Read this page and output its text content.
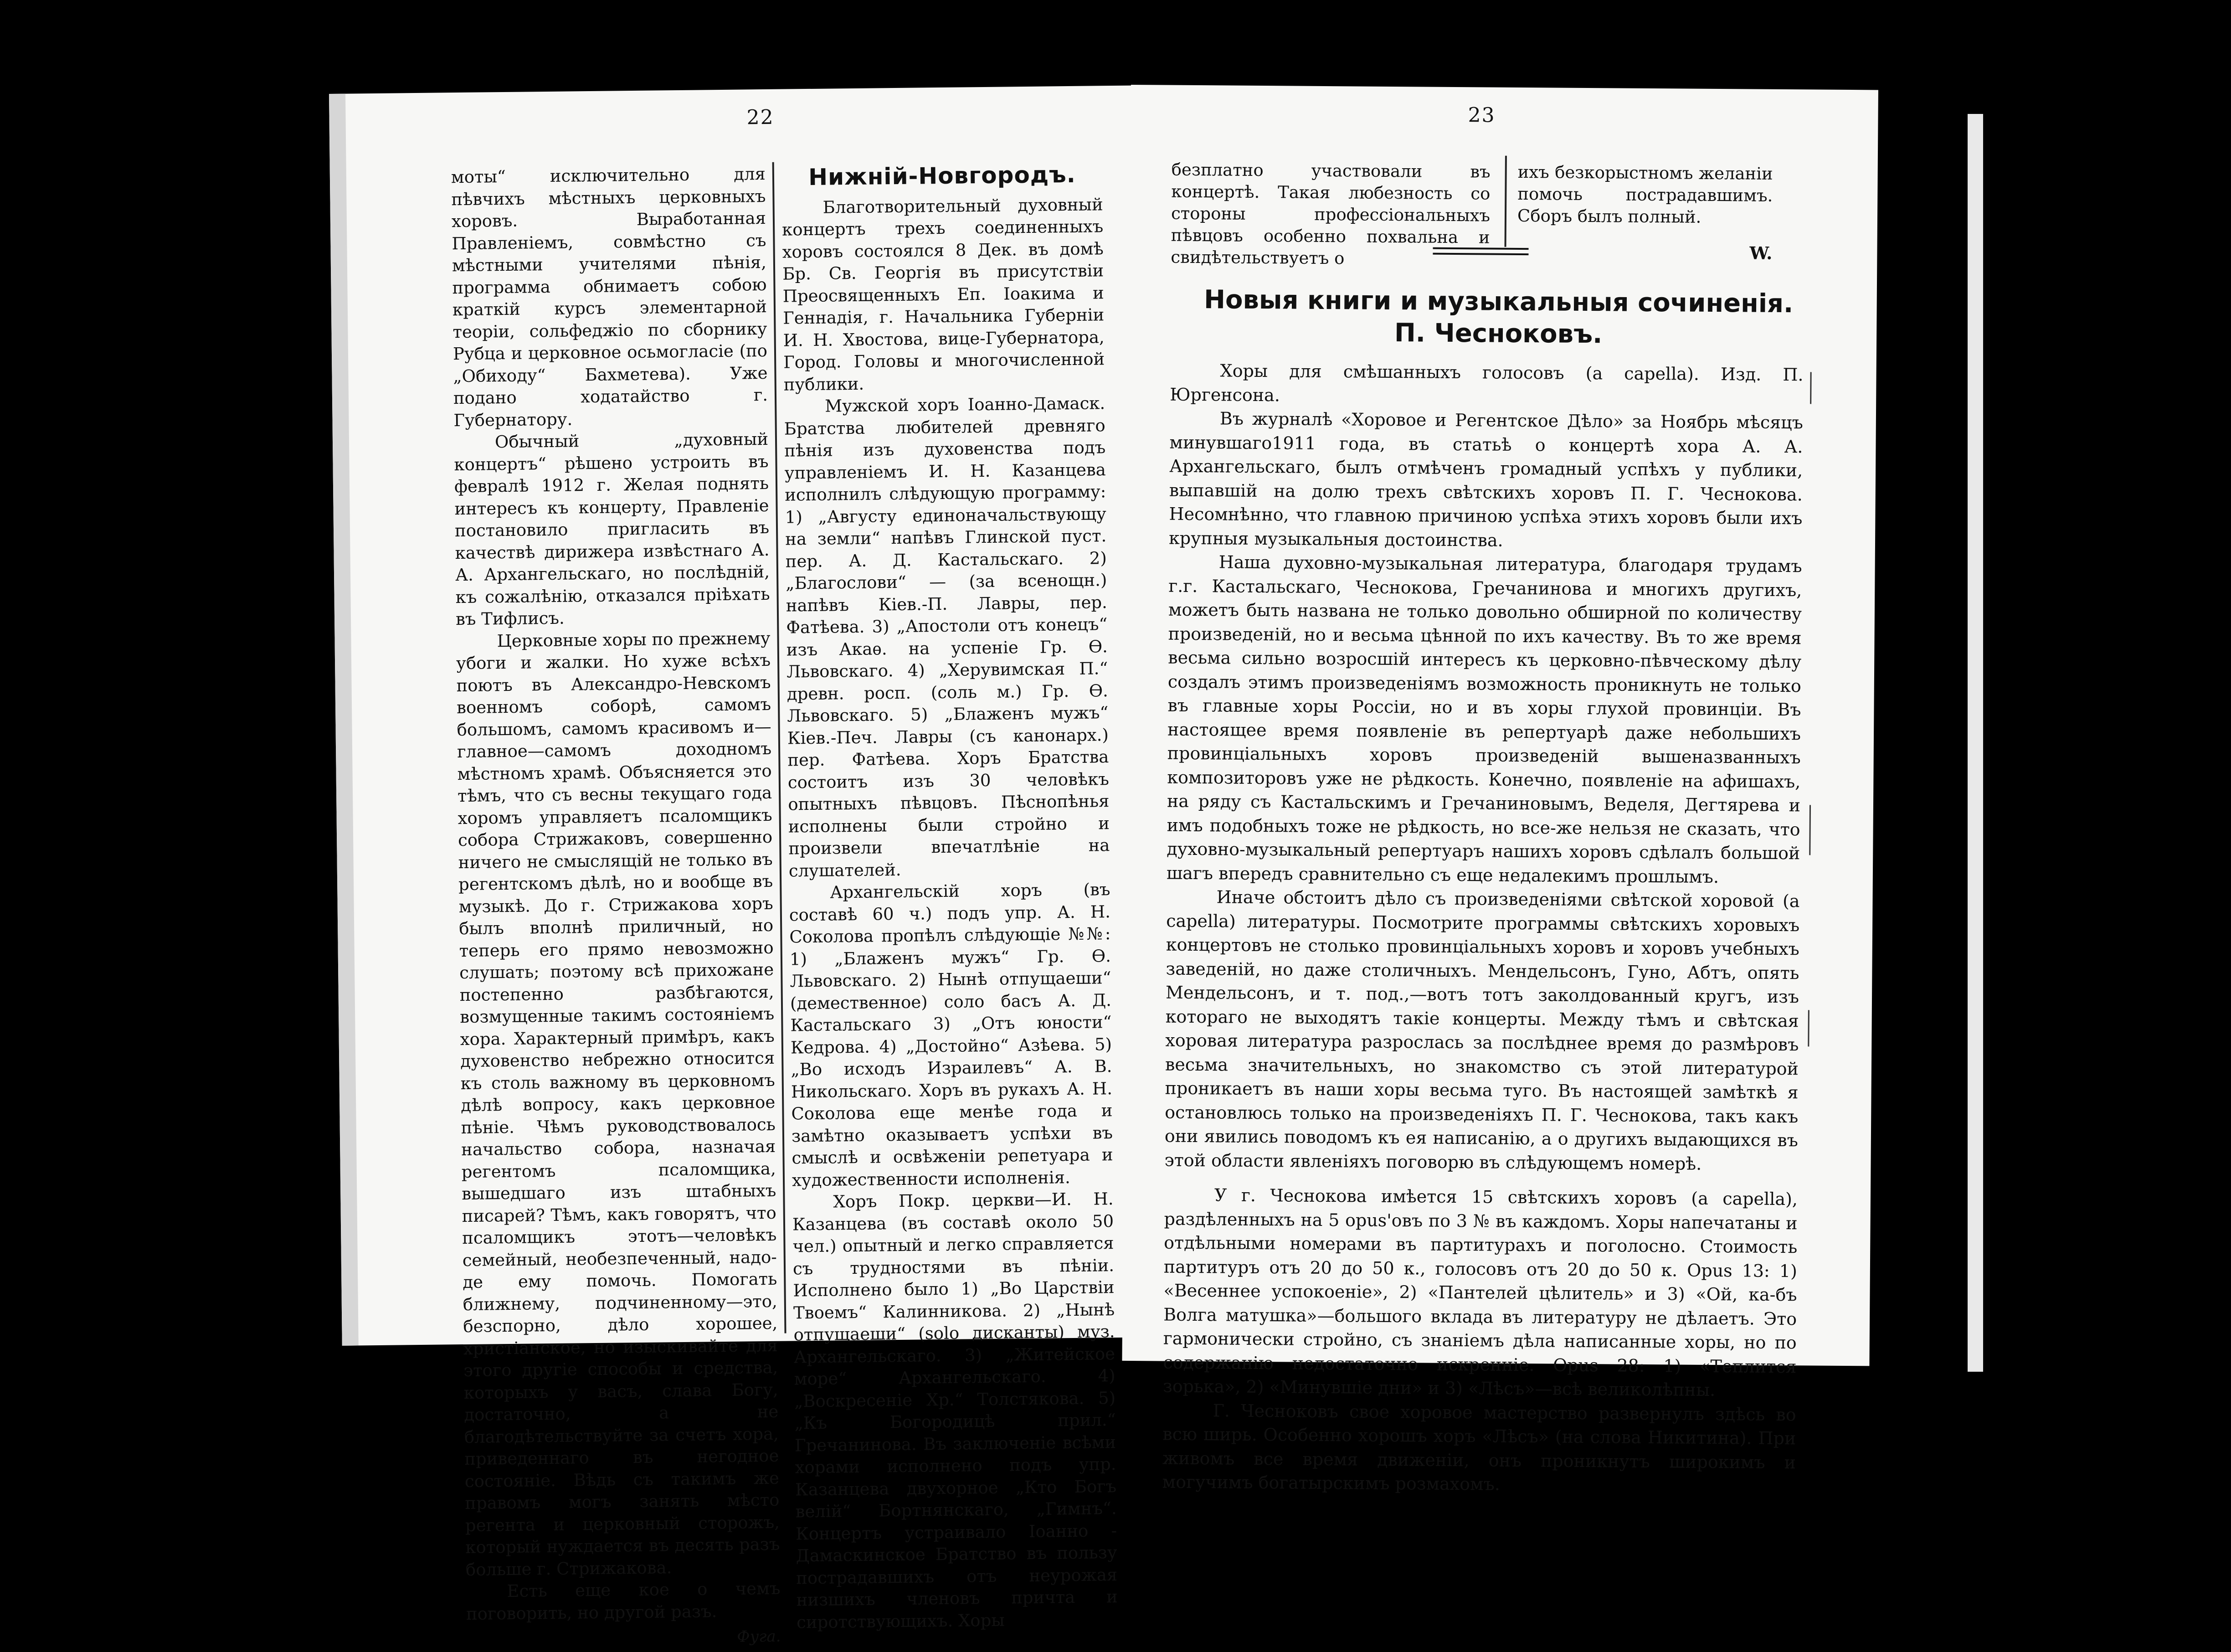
22

моты“ исключительно для пѣвчихъ мѣстныхъ церковныхъ хоровъ. Выработанная Правленіемъ, совмѣстно съ мѣстными учителями пѣнія, программа обнимаетъ собою краткій курсъ элементарной теоріи, сольфеджіо по сборнику Рубца и церковное осьмогласіе (по „Обиходу“ Бахметева). Уже подано ходатайство г. Губернатору.

Обычный „духовный концертъ“ рѣшено устроить въ февралѣ 1912 г. Желая поднять интересъ къ концерту, Правленіе постановило пригласить въ качествѣ дирижера извѣстнаго А. А. Архангельскаго, но послѣдній, къ сожалѣнію, отказался пріѣхать въ Тифлисъ.

Церковные хоры по прежнему убоги и жалки. Но хуже всѣхъ поютъ въ Александро-Невскомъ военномъ соборѣ, самомъ большомъ, самомъ красивомъ и—главное—самомъ доходномъ мѣстномъ храмѣ. Объясняется это тѣмъ, что съ весны текущаго года хоромъ управляетъ псаломщикъ собора Стрижаковъ, совершенно ничего не смыслящій не только въ регентскомъ дѣлѣ, но и вообще въ музыкѣ. До г. Стрижакова хоръ былъ вполнѣ приличный, но теперь его прямо невозможно слушать; поэтому всѣ прихожане постепенно разбѣгаются, возмущенные такимъ состояніемъ хора. Характерный примѣръ, какъ духовенство небрежно относится къ столь важному въ церковномъ дѣлѣ вопросу, какъ церковное пѣніе. Чѣмъ руководствовалось начальство собора, назначая регентомъ псаломщика, вышедшаго изъ штабныхъ писарей? Тѣмъ, какъ говорятъ, что псаломщикъ этотъ—человѣкъ семейный, необезпеченный, надо-де ему помочь. Помогать ближнему, подчиненному—это, безспорно, дѣло хорошее, христіанское, но изыскивайте для этого другіе способы и средства, которыхъ у васъ, слава Богу, достаточно, а не благодѣтельствуйте за счетъ хора, приведеннаго въ негодное состояніе. Вѣдь съ такимъ же правомъ могъ занять мѣсто регента и церковный сторожъ, который нуждается въ десять разъ больше г. Стрижакова.

Есть еще кое о чемъ поговорить, но другой разъ.

Фуга.
Нижній-Новгородъ.

Благотворительный духовный концертъ трехъ соединенныхъ хоровъ состоялся 8 Дек. въ домѣ Бр. Св. Георгія въ присутствіи Преосвященныхъ Еп. Іоакима и Геннадія, г. Начальника Губерніи И. Н. Хвостова, вице-Губернатора, Город. Головы и многочисленной публики.

Мужской хоръ Іоанно-Дамаск. Братства любителей древняго пѣнія изъ духовенства подъ управленіемъ И. Н. Казанцева исполнилъ слѣдующую программу: 1) „Августу единоначальствующу на земли“ напѣвъ Глинской пуст. пер. А. Д. Кастальскаго. 2) „Благослови“ — (за всенощн.) напѣвъ Кiев.-П. Лавры, пер. Фатѣева. 3) „Апостоли отъ конецъ“ изъ Акаѳ. на успеніе Гр. Ѳ. Львовскаго. 4) „Херувимская П.“ древн. росп. (соль м.) Гр. Ѳ. Львовскаго. 5) „Блаженъ мужъ“ Кіев.-Печ. Лавры (съ канонарх.) пер. Фатѣева. Хоръ Братства состоитъ изъ 30 человѣкъ опытныхъ пѣвцовъ. Пѣснопѣнья исполнены были стройно и произвели впечатлѣніе на слушателей.

Архангельскій хоръ (въ составѣ 60 ч.) подъ упр. А. Н. Соколова пропѣлъ слѣдующіе №№: 1) „Блаженъ мужъ“ Гр. Ѳ. Львовскаго. 2) Нынѣ отпущаеши“ (демественное) соло басъ А. Д. Кастальскаго 3) „Отъ юности“ Кедрова. 4) „Достойно“ Азѣева. 5) „Во исходъ Израилевъ“ А. В. Никольскаго. Хоръ въ рукахъ А. Н. Соколова еще менѣе года и замѣтно оказываетъ успѣхи въ смыслѣ и освѣженіи репетуара и художественности исполненія.

Хоръ Покр. церкви—И. Н. Казанцева (въ составѣ около 50 чел.) опытный и легко справляется съ трудностями въ пѣніи. Исполнено было 1) „Во Царствіи Твоемъ“ Калинникова. 2) „Нынѣ отпущаеши“ (solo дисканты) муз. Архангельскаго. 3) „Житейское море“ Архангельскаго. 4) „Воскресеніе Хр.“ Толстякова. 5) „Къ Богородицѣ прил.“ Гречанинова. Въ заключеніе всѣми хорами исполнено подъ упр. Казанцева двухорное „Кто Богъ велій“ Бортнянскаго, „Гимнъ“. Концертъ устраивало Іоанно - Дамаскинское Братство въ пользу пострадавшихъ отъ неурожая низшихъ членовъ причта и сиротствующихъ. Хоры

23
безплатно участвовали въ концертѣ. Такая любезность со стороны профессіональныхъ пѣвцовъ особенно похвальна и свидѣтельствуетъ о
ихъ безкорыстномъ желаніи помочь пострадавшимъ. Сборъ былъ полный.
W.
Новыя книги и музыкальныя сочиненія.
П. Чесноковъ.

Хоры для смѣшанныхъ голосовъ (a capella). Изд. П. Юргенсона.

Въ журналѣ «Хоровое и Регентское Дѣло» за Ноябрь мѣсяцъ минувшаго1911 года, въ статьѣ о концертѣ хора А. А. Архангельскаго, былъ отмѣченъ громадный успѣхъ у публики, выпавшій на долю трехъ свѣтскихъ хоровъ П. Г. Чеснокова. Несомнѣнно, что главною причиною успѣха этихъ хоровъ были ихъ крупныя музыкальныя достоинства.

Наша духовно-музыкальная литература, благодаря трудамъ г.г. Кастальскаго, Чеснокова, Гречанинова и многихъ другихъ, можетъ быть названа не только довольно обширной по количеству произведеній, но и весьма цѣнной по ихъ качеству. Въ то же время весьма сильно возросшій интересъ къ церковно-пѣвческому дѣлу создалъ этимъ произведеніямъ возможность проникнуть не только въ главные хоры Россіи, но и въ хоры глухой провинціи. Въ настоящее время появленіе въ репертуарѣ даже небольшихъ провинціальныхъ хоровъ произведеній вышеназванныхъ композиторовъ уже не рѣдкость. Конечно, появленіе на афишахъ, на ряду съ Кастальскимъ и Гречаниновымъ, Веделя, Дегтярева и имъ подобныхъ тоже не рѣдкость, но все-же нельзя не сказать, что духовно-музыкальный репертуаръ нашихъ хоровъ сдѣлалъ большой шагъ впередъ сравнительно съ еще недалекимъ прошлымъ.

Иначе обстоитъ дѣло съ произведеніями свѣтской хоровой (a capella) литературы. Посмотрите программы свѣтскихъ хоровыхъ концертовъ не столько провинціальныхъ хоровъ и хоровъ учебныхъ заведеній, но даже столичныхъ. Мендельсонъ, Гуно, Абтъ, опять Мендельсонъ, и т. под.,—вотъ тотъ заколдованный кругъ, изъ котораго не выходятъ такіе концерты. Между тѣмъ и свѣтская хоровая литература разрослась за послѣднее время до размѣровъ весьма значительныхъ, но знакомство съ этой литературой проникаетъ въ наши хоры весьма туго. Въ настоящей замѣткѣ я остановлюсь только на произведеніяхъ П. Г. Чеснокова, такъ какъ они явились поводомъ къ ея написанію, а о другихъ выдающихся въ этой области явленіяхъ поговорю въ слѣдующемъ номерѣ.

У г. Чеснокова имѣется 15 свѣтскихъ хоровъ (a capella), раздѣленныхъ на 5 opus'овъ по 3 № въ каждомъ. Хоры напечатаны и отдѣльными номерами въ партитурахъ и поголосно. Стоимость партитуръ отъ 20 до 50 к., голосовъ отъ 20 до 50 к. Opus 13: 1) «Весеннее успокоеніе», 2) «Пантелей цѣлитель» и 3) «Ой, ка-бъ Волга матушка»—большого вклада въ литературу не дѣлаетъ. Это гармонически стройно, съ знаніемъ дѣла написанные хоры, но по содержанію недостаточно искренніе. Opus 28: 1) «Теплится зорька», 2) «Минувшіе дни» и 3) «Лѣсъ»—всѣ великолѣпны.

Г. Чесноковъ свое хоровое мастерство развернулъ здѣсь во всю ширь. Особенно хорошъ хоръ «Лѣсъ» (на слова Никитина). При живомъ все время движеніи, онъ проникнутъ широкимъ и могучимъ богатырскимъ розмахомъ.
